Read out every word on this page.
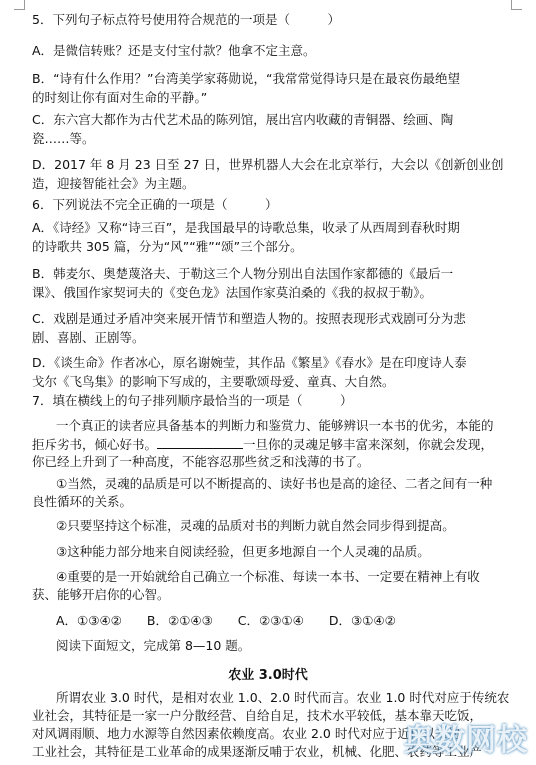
5．下列句子标点符号使用符合规范的一项是（　　　）
A．是微信转账？还是支付宝付款？他拿不定主意。
B．“诗有什么作用？”台湾美学家蒋勋说，“我常常觉得诗只是在最哀伤最绝望
的时刻让你有面对生命的平静。”
C．东六宫大都作为古代艺术品的陈列馆，展出宫内收藏的青铜器、绘画、陶
瓷……等。
D．2017 年 8 月 23 日至 27 日，世界机器人大会在北京举行，大会以《创新创业创
造，迎接智能社会》为主题。
6．下列说法不完全正确的一项是（　　　）
A．《诗经》又称“诗三百”，是我国最早的诗歌总集，收录了从西周到春秋时期
的诗歌共 305 篇，分为“风”“雅”“颂”三个部分。
B．韩麦尔、奥楚蔑洛夫、于勒这三个人物分别出自法国作家都德的《最后一
课》、俄国作家契诃夫的《变色龙》法国作家莫泊桑的《我的叔叔于勒》。
C．戏剧是通过矛盾冲突来展开情节和塑造人物的。按照表现形式戏剧可分为悲
剧、喜剧、正剧等。
D．《谈生命》作者冰心，原名谢婉莹，其作品《繁星》《春水》是在印度诗人泰
戈尔《飞鸟集》的影响下写成的，主要歌颂母爱、童真、大自然。
7．填在横线上的句子排列顺序最恰当的一项是（　　　）
一个真正的读者应具备基本的判断力和鉴赏力、能够辨识一本书的优劣，本能的
拒斥劣书，倾心好书。	一旦你的灵魂足够丰富来深刻，你就会发现，
你已经上升到了一种高度，不能容忍那些贫乏和浅薄的书了。
①当然，灵魂的品质是可以不断提高的、读好书也是高的途径、二者之间有一种
良性循环的关系。
②只要坚持这个标准，灵魂的品质对书的判断力就自然会同步得到提高。
③这种能力部分地来自阅读经验，但更多地源自一个人灵魂的品质。
④重要的是一开始就给自己确立一个标准、每读一本书、一定要在精神上有收
获、能够开启你的心智。
A．①③④②　　B．②①④③　　C．②③①④　　D．③①④②
阅读下面短文，完成第 8—10 题。
农业 3.0时代
所谓农业 3.0 时代，是相对农业 1.0、2.0 时代而言。农业 1.0 时代对应于传统农
业社会，其特征是一家一户分散经营、自给自足，技术水平较低，基本靠天吃饭，
对风调雨顺、地力水源等自然因素依赖度高。农业 2.0 时代对应于近代以来的
工业社会，其特征是工业革命的成果逐渐反哺于农业，机械、化肥、农药等工业产
奥数网校
